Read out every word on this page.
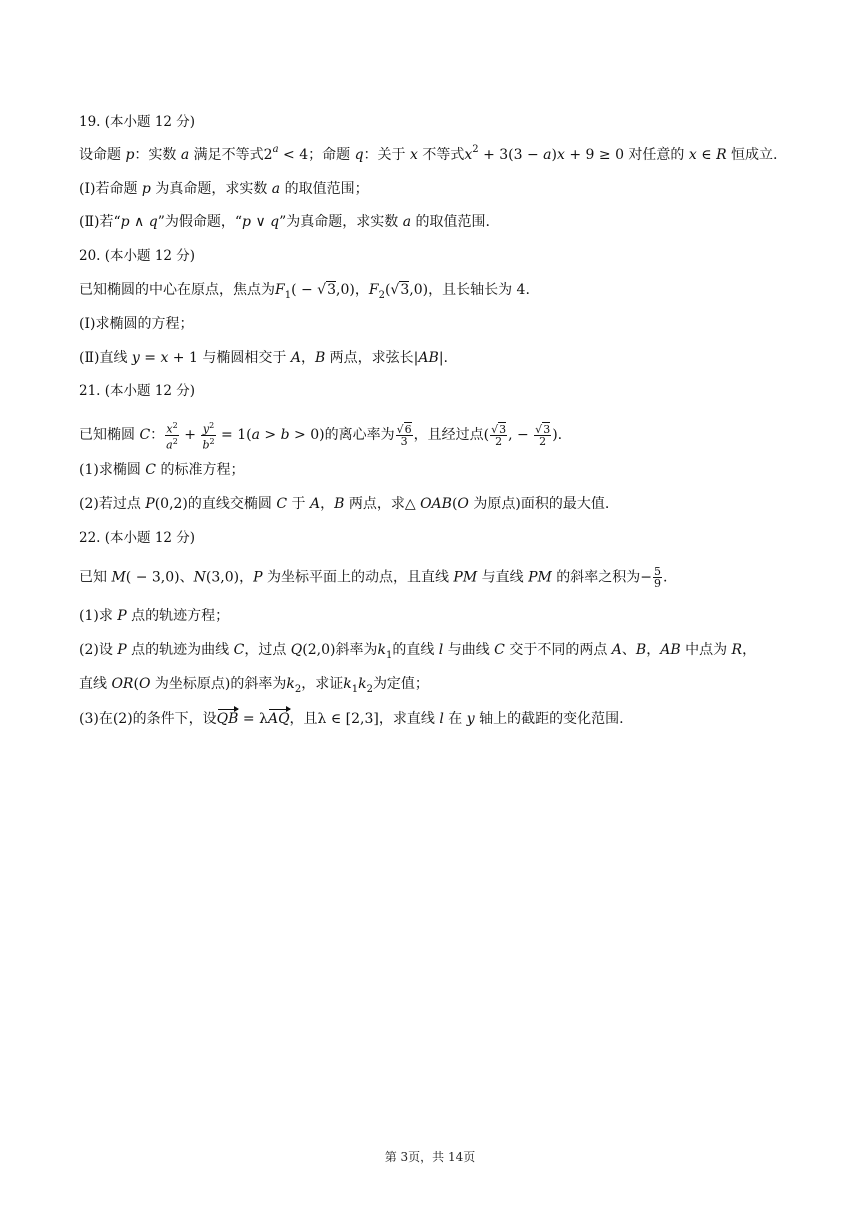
19. (本小题 12 分)
设命题 p：实数 a 满足不等式$2^a < 4$；命题 q：关于 x 不等式$x^2 + 3(3 - a)x + 9 \ge 0$ 对任意的 x ∈ R 恒成立.
(Ⅰ)若命题 p 为真命题，求实数 a 的取值范围；
(Ⅱ)若“p ∧ q”为假命题，“p ∨ q”为真命题，求实数 a 的取值范围.
20. (本小题 12 分)
已知椭圆的中心在原点，焦点为$F_1( - √3,0)$，$F_2(√3,0)$，且长轴长为 4.
(Ⅰ)求椭圆的方程；
(Ⅱ)直线 y = x + 1 与椭圆相交于 A，B 两点，求弦长|AB|.
21. (本小题 12 分)
已知椭圆 C： $\frac{x^2}{a^2} + \frac{y^2}{b^2} = 1(a > b > 0)$的离心率为 $\frac{√6}{3}$ ，且经过点( $\frac{√3}{2}$ , − $\frac{√3}{2}$ ).
(1)求椭圆 C 的标准方程；
(2)若过点 P(0,2)的直线交椭圆 C 于 A，B 两点，求△ OAB(O 为原点)面积的最大值.
22. (本小题 12 分)
已知 M( − 3,0)、N(3,0)，P 为坐标平面上的动点，且直线 PM 与直线 PM 的斜率之积为− $\frac{5}{9}$ .
(1)求 P 点的轨迹方程；
(2)设 P 点的轨迹为曲线 C，过点 Q(2,0)斜率为$k_1$的直线 l 与曲线 C 交于不同的两点 A、B，AB 中点为 R，
直线 OR(O 为坐标原点)的斜率为$k_2$，求证$k_1k_2$为定值；
(3)在(2)的条件下，设QB = λAQ，且λ ∈ [2,3]，求直线 l 在 y 轴上的截距的变化范围.
第 3页，共 14页
